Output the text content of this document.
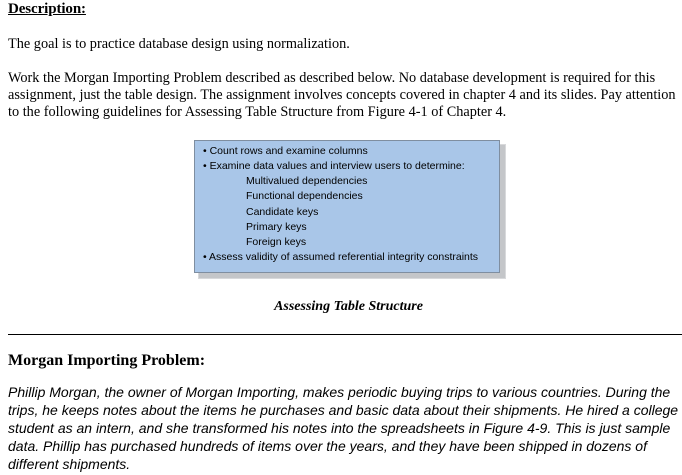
Description:
The goal is to practice database design using normalization.
Work the Morgan Importing Problem described as described below. No database development is required for this assignment, just the table design. The assignment involves concepts covered in chapter 4 and its slides. Pay attention to the following guidelines for Assessing Table Structure from Figure 4-1 of Chapter 4.
• Count rows and examine columns
• Examine data values and interview users to determine:
Multivalued dependencies
Functional dependencies
Candidate keys
Primary keys
Foreign keys
• Assess validity of assumed referential integrity constraints
Assessing Table Structure
Morgan Importing Problem:
Phillip Morgan, the owner of Morgan Importing, makes periodic buying trips to various countries. During the trips, he keeps notes about the items he purchases and basic data about their shipments. He hired a college student as an intern, and she transformed his notes into the spreadsheets in Figure 4-9. This is just sample data. Phillip has purchased hundreds of items over the years, and they have been shipped in dozens of different shipments.
